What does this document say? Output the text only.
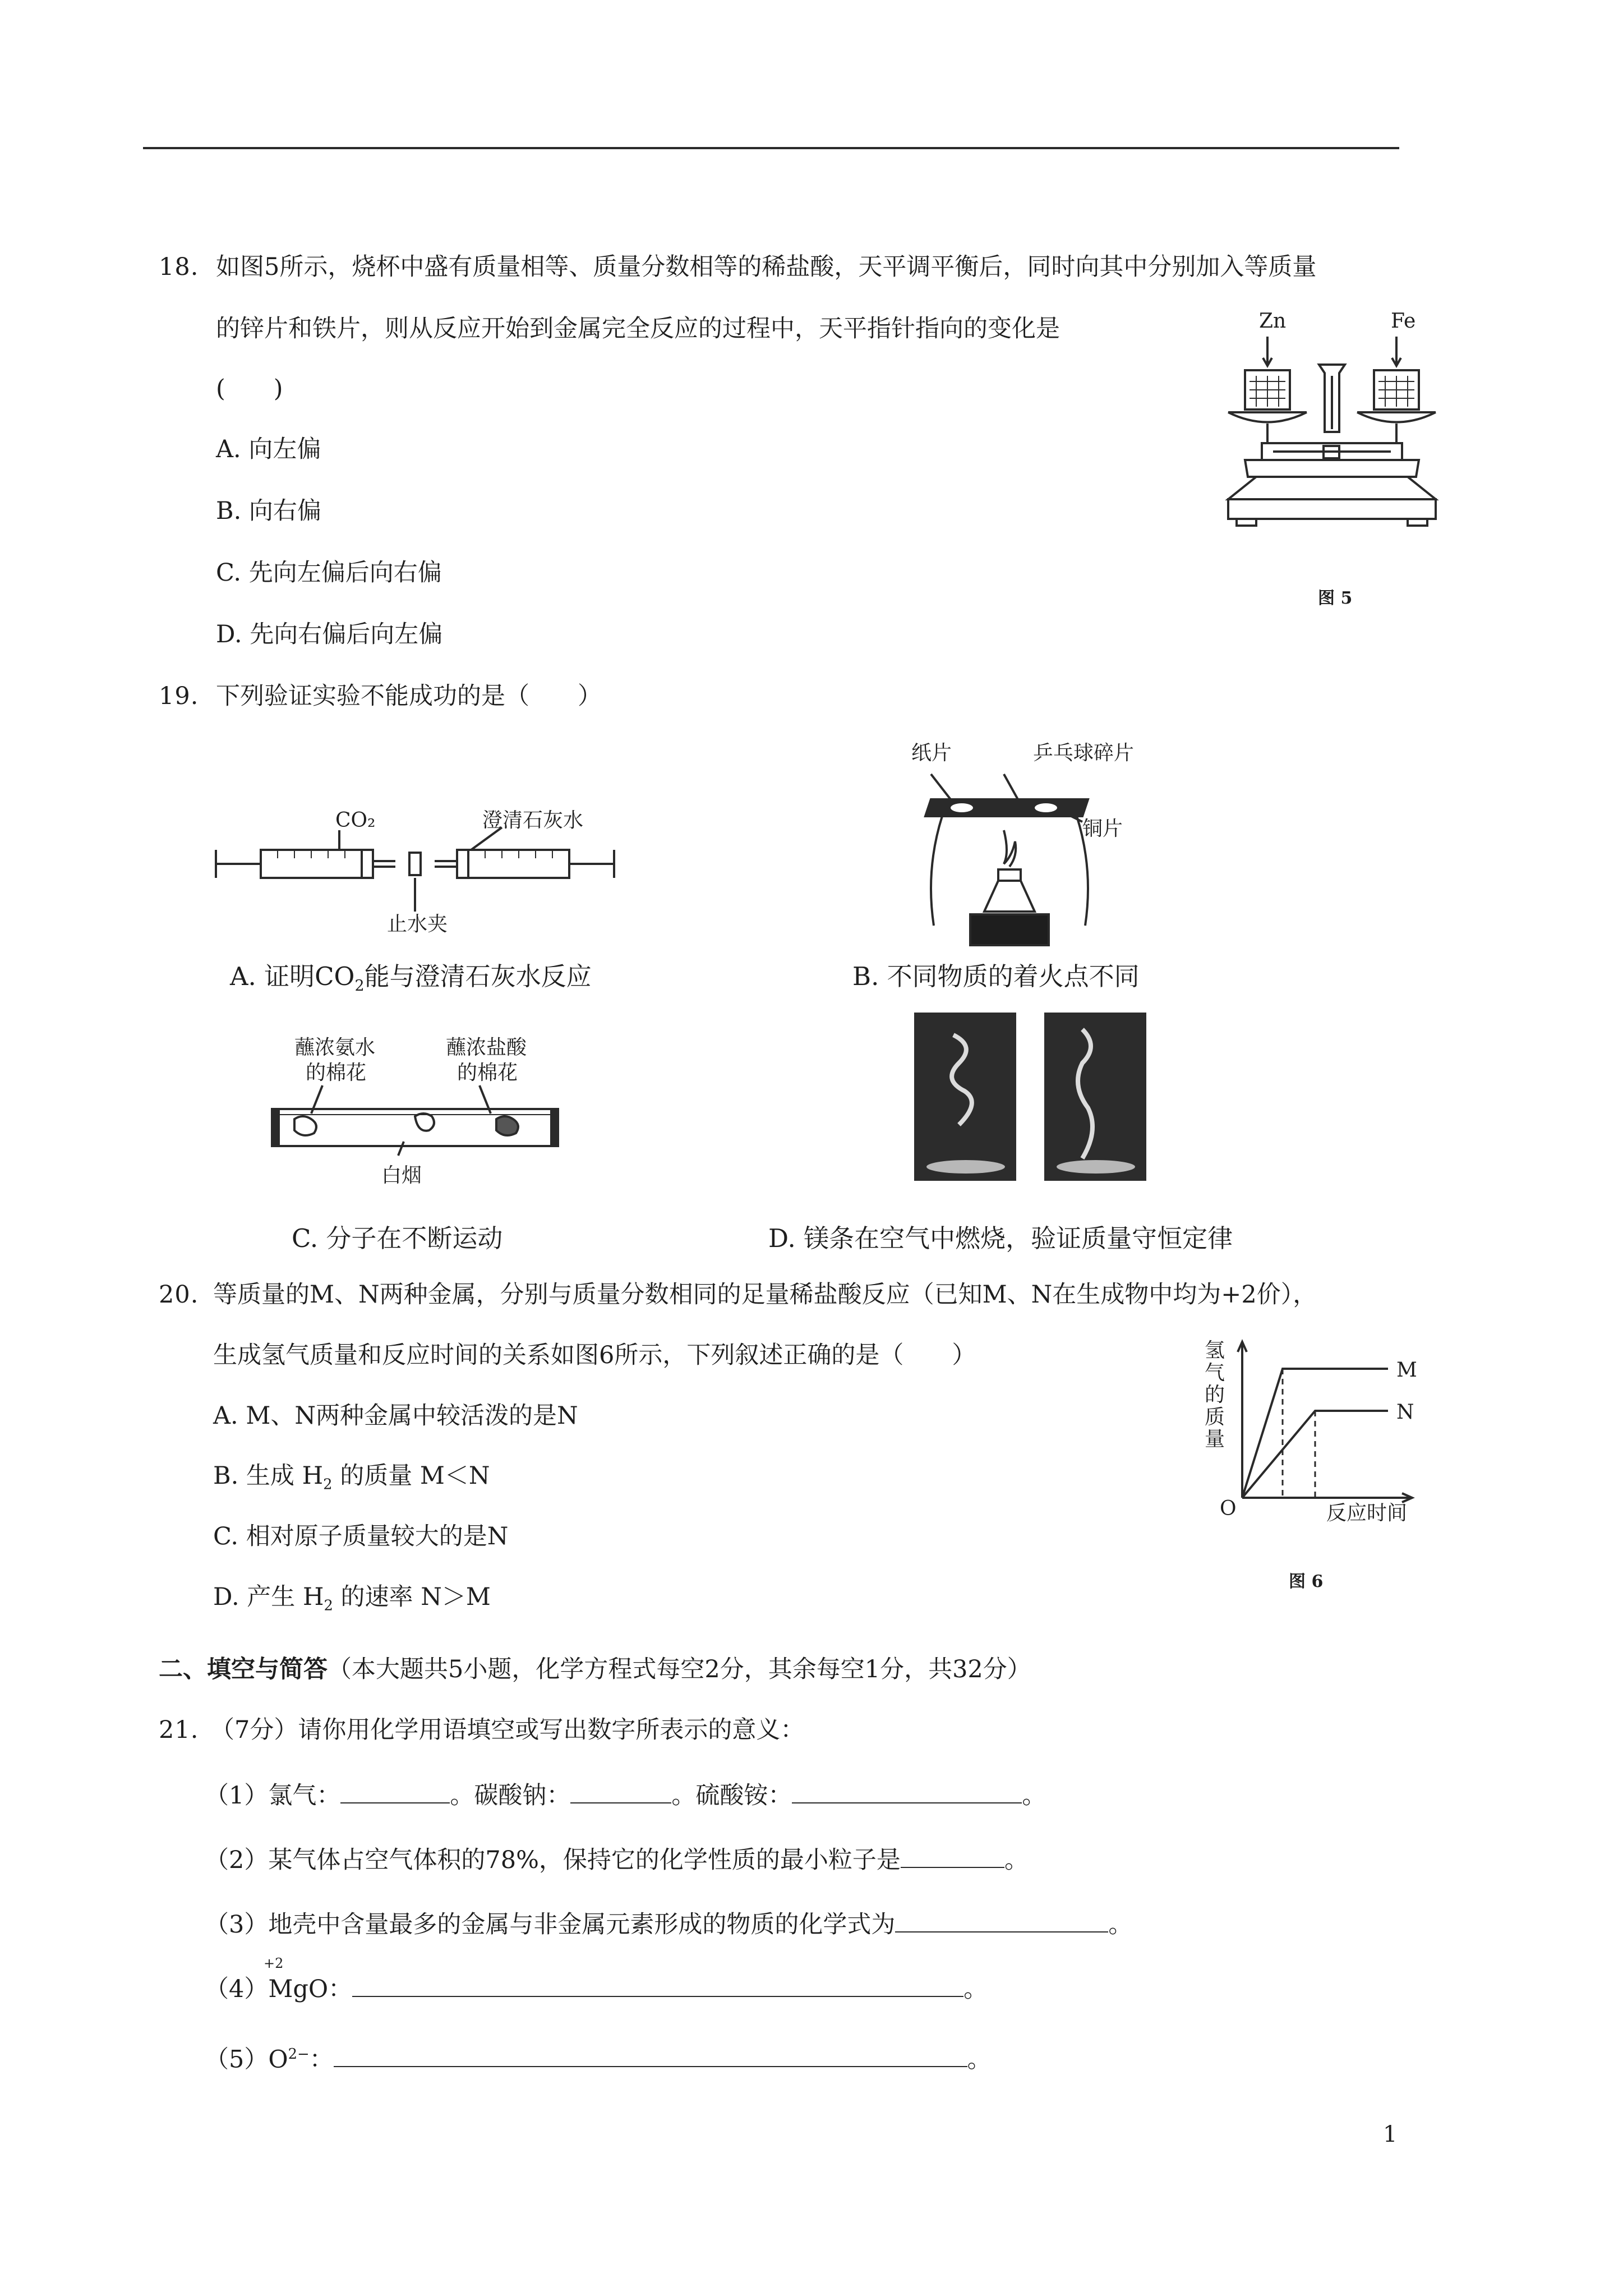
18. 如图5所示，烧杯中盛有质量相等、质量分数相等的稀盐酸，天平调平衡后，同时向其中分别加入等质量
的锌片和铁片，则从反应开始到金属完全反应的过程中，天平指针指向的变化是
(　　)
A. 向左偏
B. 向右偏
C. 先向左偏后向右偏
D. 先向右偏后向左偏
Zn	Fe
图 5
19. 下列验证实验不能成功的是（　　）
CO₂	澄清石灰水
止水夹
A. 证明$CO_2$能与澄清石灰水反应
纸片	乒乓球碎片
铜片
B. 不同物质的着火点不同
蘸浓氨水
的棉花
蘸浓盐酸
的棉花
白烟
C. 分子在不断运动	D. 镁条在空气中燃烧，验证质量守恒定律
20. 等质量的M、N两种金属，分别与质量分数相同的足量稀盐酸反应（已知M、N在生成物中均为+2价），
生成氢气质量和反应时间的关系如图6所示，下列叙述正确的是（　　）
A. M、N两种金属中较活泼的是N
B. 生成 $H_2$ 的质量 M＜N
C. 相对原子质量较大的是N
D. 产生 $H_2$ 的速率 N＞M
氢
气
的
质
量
M
N
O	反应时间
图 6
二、填空与简答（本大题共5小题，化学方程式每空2分，其余每空1分，共32分）
21. （7分）请你用化学用语填空或写出数字所表示的意义：
（1）氯气：	。碳酸钠：	。硫酸铵：	。
（2）某气体占空气体积的78%，保持它的化学性质的最小粒子是	。
（3）地壳中含量最多的金属与非金属元素形成的物质的化学式为	。
+2
（4）MgO：	。
$(5)O^{2-}$：	。
1
